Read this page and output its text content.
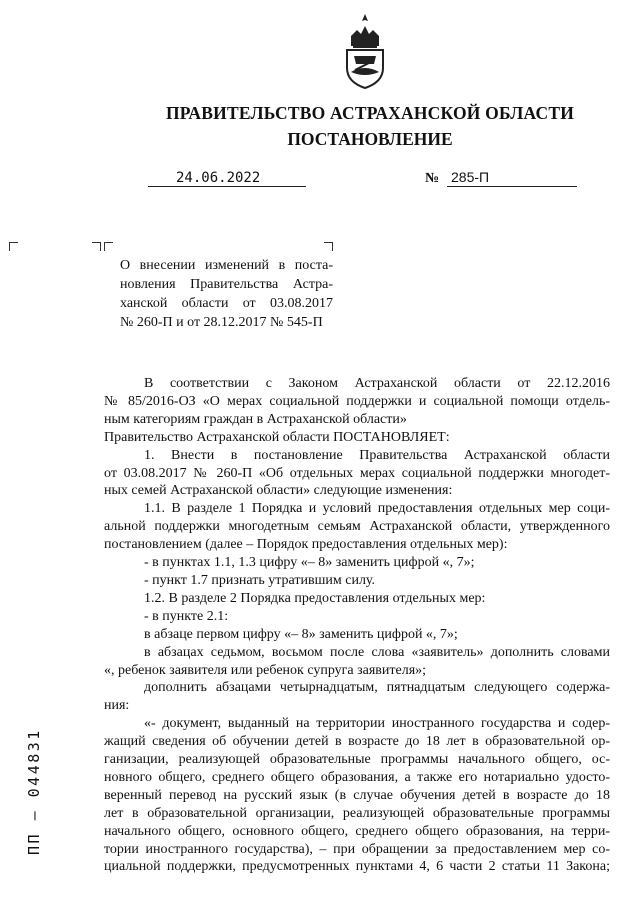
ПРАВИТЕЛЬСТВО АСТРАХАНСКОЙ ОБЛАСТИ
ПОСТАНОВЛЕНИЕ
24.06.2022	№ 285-П
О внесении изменений в поста-
новления Правительства Астра-
ханской области от 03.08.2017
№ 260-П и от 28.12.2017 № 545-П
В соответствии с Законом Астраханской области от 22.12.2016
№ 85/2016-ОЗ «О мерах социальной поддержки и социальной помощи отдель-
ным категориям граждан в Астраханской области»
Правительство Астраханской области ПОСТАНОВЛЯЕТ:
1. Внести в постановление Правительства Астраханской области
от 03.08.2017 № 260-П «Об отдельных мерах социальной поддержки многодет-
ных семей Астраханской области» следующие изменения:
1.1. В разделе 1 Порядка и условий предоставления отдельных мер соци-
альной поддержки многодетным семьям Астраханской области, утвержденного
постановлением (далее – Порядок предоставления отдельных мер):
- в пунктах 1.1, 1.3 цифру «– 8» заменить цифрой «, 7»;
- пункт 1.7 признать утратившим силу.
1.2. В разделе 2 Порядка предоставления отдельных мер:
- в пункте 2.1:
в абзаце первом цифру «– 8» заменить цифрой «, 7»;
в абзацах седьмом, восьмом после слова «заявитель» дополнить словами
«, ребенок заявителя или ребенок супруга заявителя»;
дополнить абзацами четырнадцатым, пятнадцатым следующего содержа-
ния:
«- документ, выданный на территории иностранного государства и содер-
жащий сведения об обучении детей в возрасте до 18 лет в образовательной ор-
ганизации, реализующей образовательные программы начального общего, ос-
новного общего, среднего общего образования, а также его нотариально удосто-
веренный перевод на русский язык (в случае обучения детей в возрасте до 18
лет в образовательной организации, реализующей образовательные программы
начального общего, основного общего, среднего общего образования, на терри-
тории иностранного государства), – при обращении за предоставлением мер со-
циальной поддержки, предусмотренных пунктами 4, 6 части 2 статьи 11 Закона;
ПП – 044831
